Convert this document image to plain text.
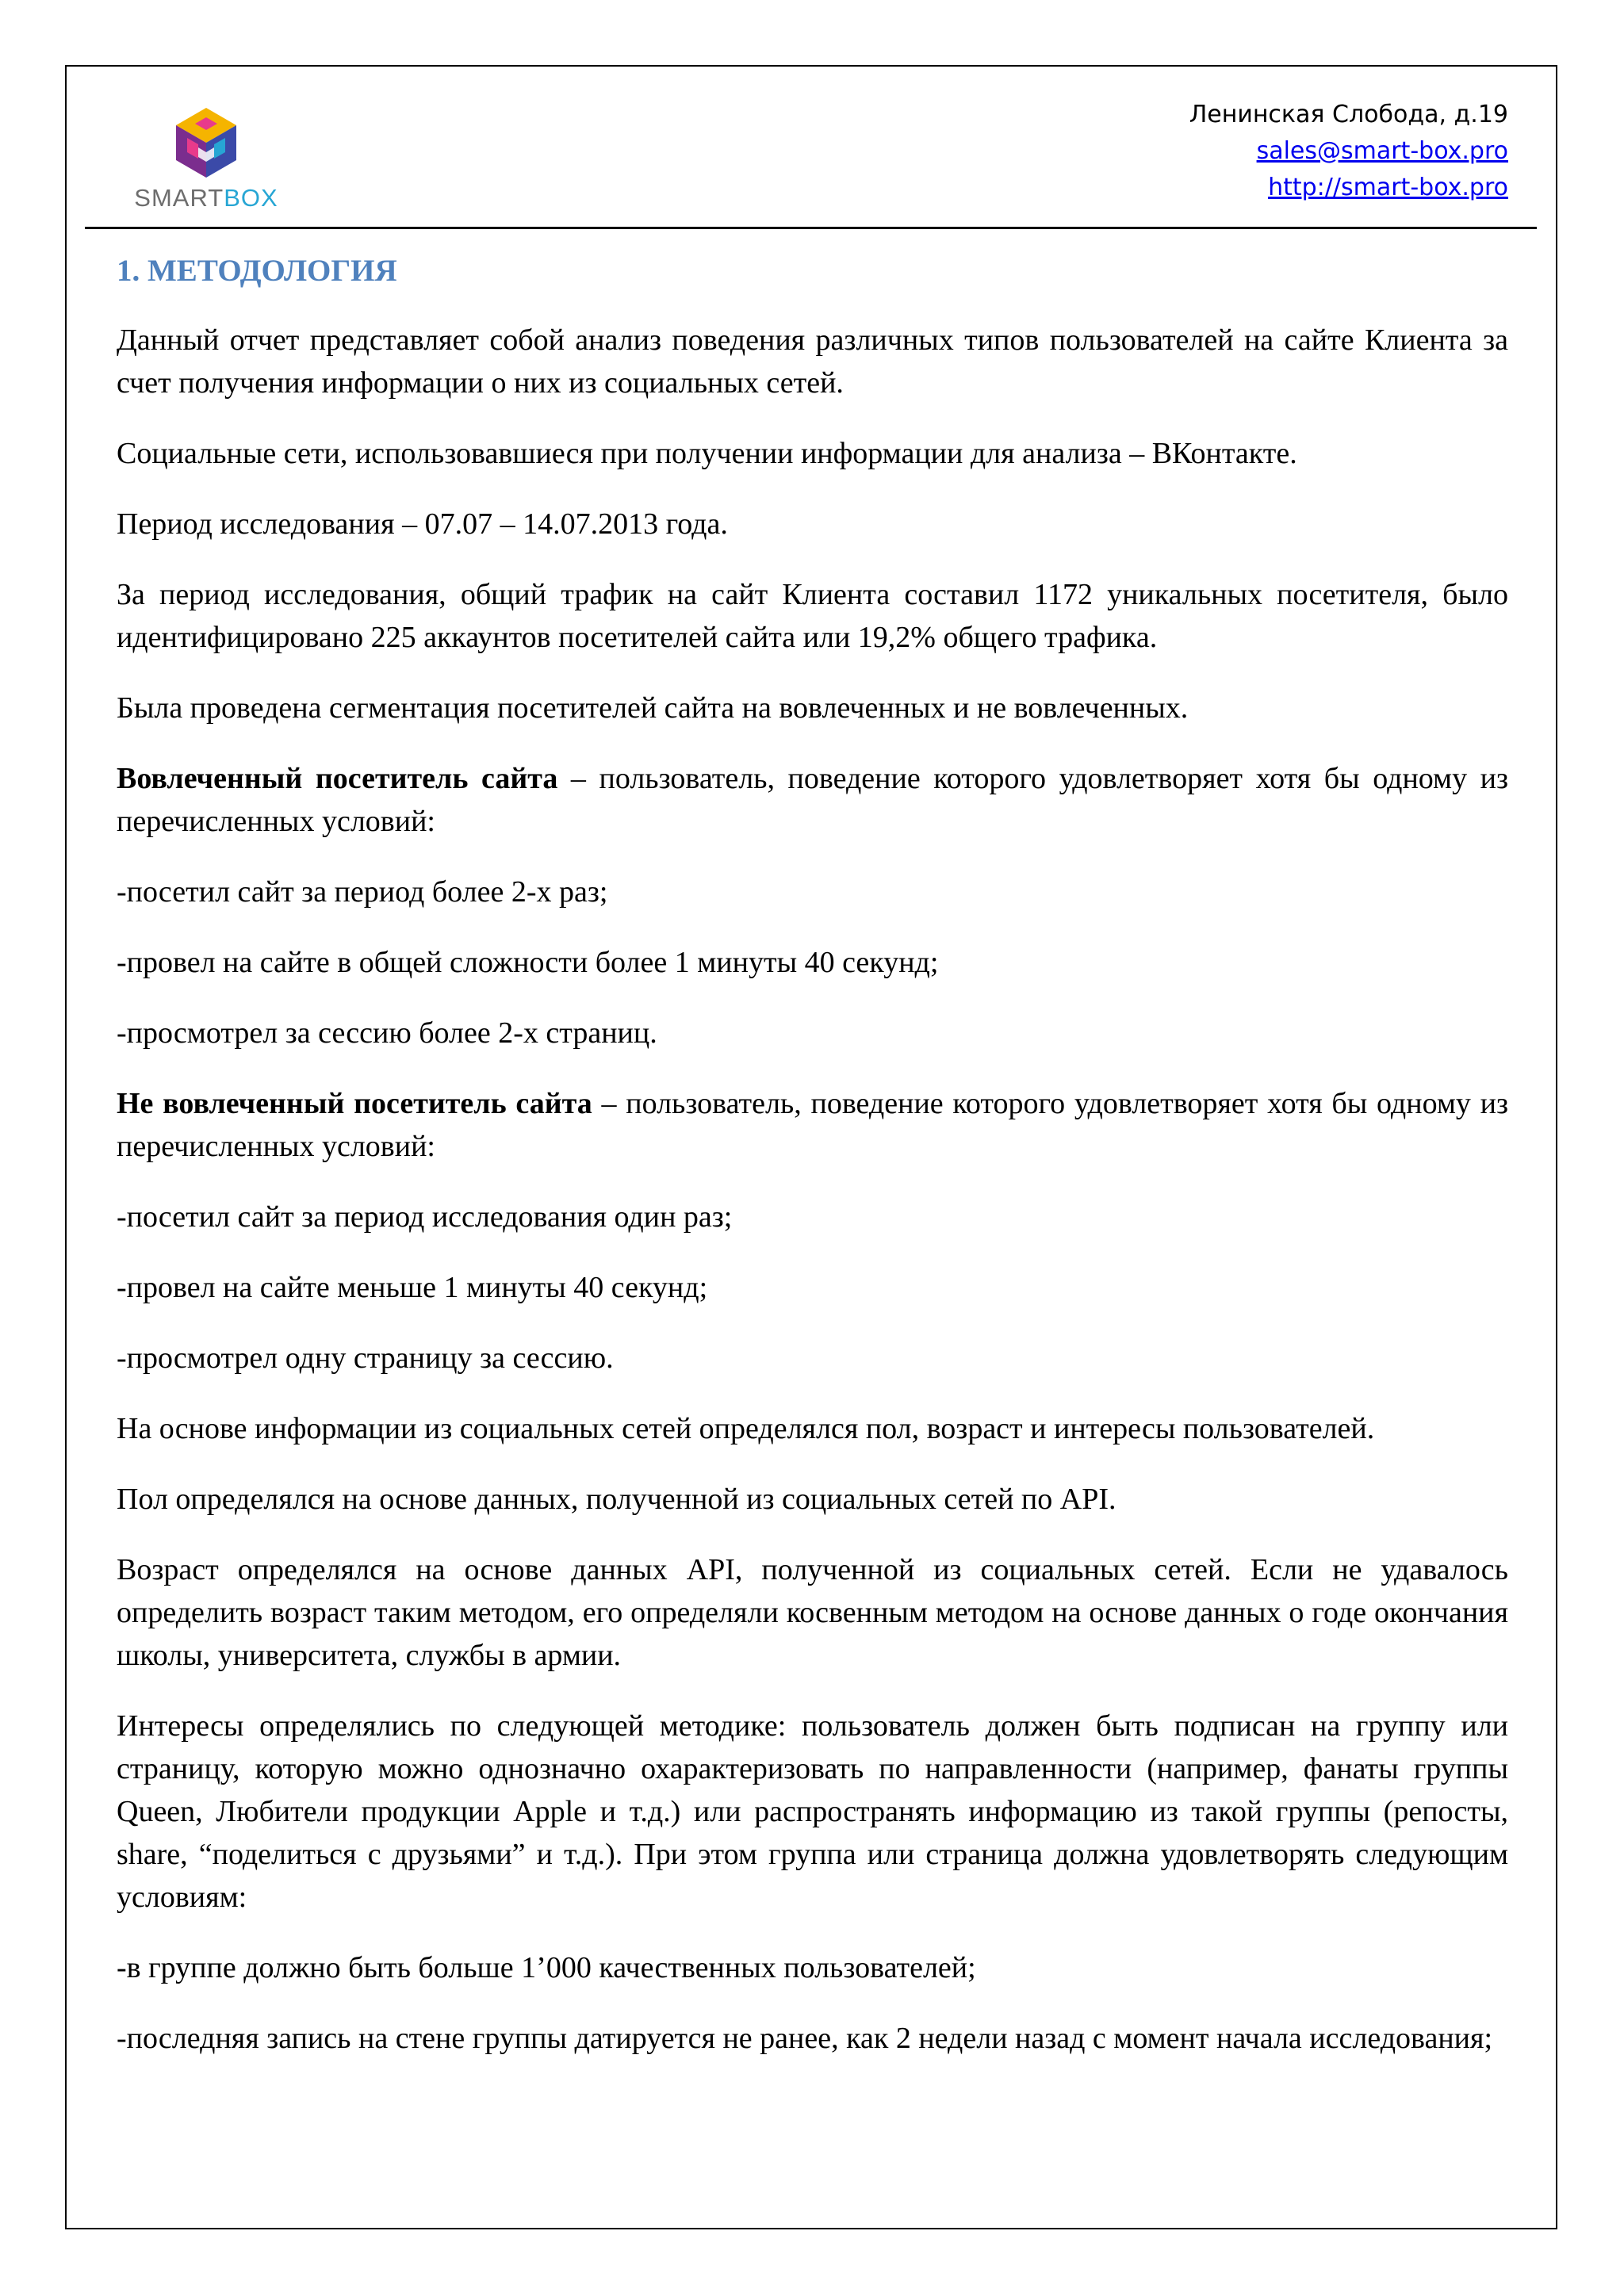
SMARTBOX
Ленинская Слобода, д.19
sales@smart-box.pro
http://smart-box.pro
1. МЕТОДОЛОГИЯ

Данный отчет представляет собой анализ поведения различных типов пользователей на сайте Клиента за счет получения информации о них из социальных сетей.

Социальные сети, использовавшиеся при получении информации для анализа – ВКонтакте.

Период исследования – 07.07 – 14.07.2013 года.

За период исследования, общий трафик на сайт Клиента составил 1172 уникальных посетителя, было идентифицировано 225 аккаунтов посетителей сайта или 19,2% общего трафика.

Была проведена сегментация посетителей сайта на вовлеченных и не вовлеченных.

Вовлеченный посетитель сайта – пользователь, поведение которого удовлетворяет хотя бы одному из перечисленных условий:

-посетил сайт за период более 2-х раз;

-провел на сайте в общей сложности более 1 минуты 40 секунд;

-просмотрел за сессию более 2-х страниц.

Не вовлеченный посетитель сайта – пользователь, поведение которого удовлетворяет хотя бы одному из перечисленных условий:

-посетил сайт за период исследования один раз;

-провел на сайте меньше 1 минуты 40 секунд;

-просмотрел одну страницу за сессию.

На основе информации из социальных сетей определялся пол, возраст и интересы пользователей.

Пол определялся на основе данных, полученной из социальных сетей по API.

Возраст определялся на основе данных API, полученной из социальных сетей. Если не удавалось определить возраст таким методом, его определяли косвенным методом на основе данных о годе окончания школы, университета, службы в армии.

Интересы определялись по следующей методике: пользователь должен быть подписан на группу или страницу, которую можно однозначно охарактеризовать по направленности (например, фанаты группы Queen, Любители продукции Apple и т.д.) или распространять информацию из такой группы (репосты, share, “поделиться с друзьями” и т.д.). При этом группа или страница должна удовлетворять следующим условиям:

-в группе должно быть больше 1’000 качественных пользователей;

-последняя запись на стене группы датируется не ранее, как 2 недели назад с момент начала исследования;
